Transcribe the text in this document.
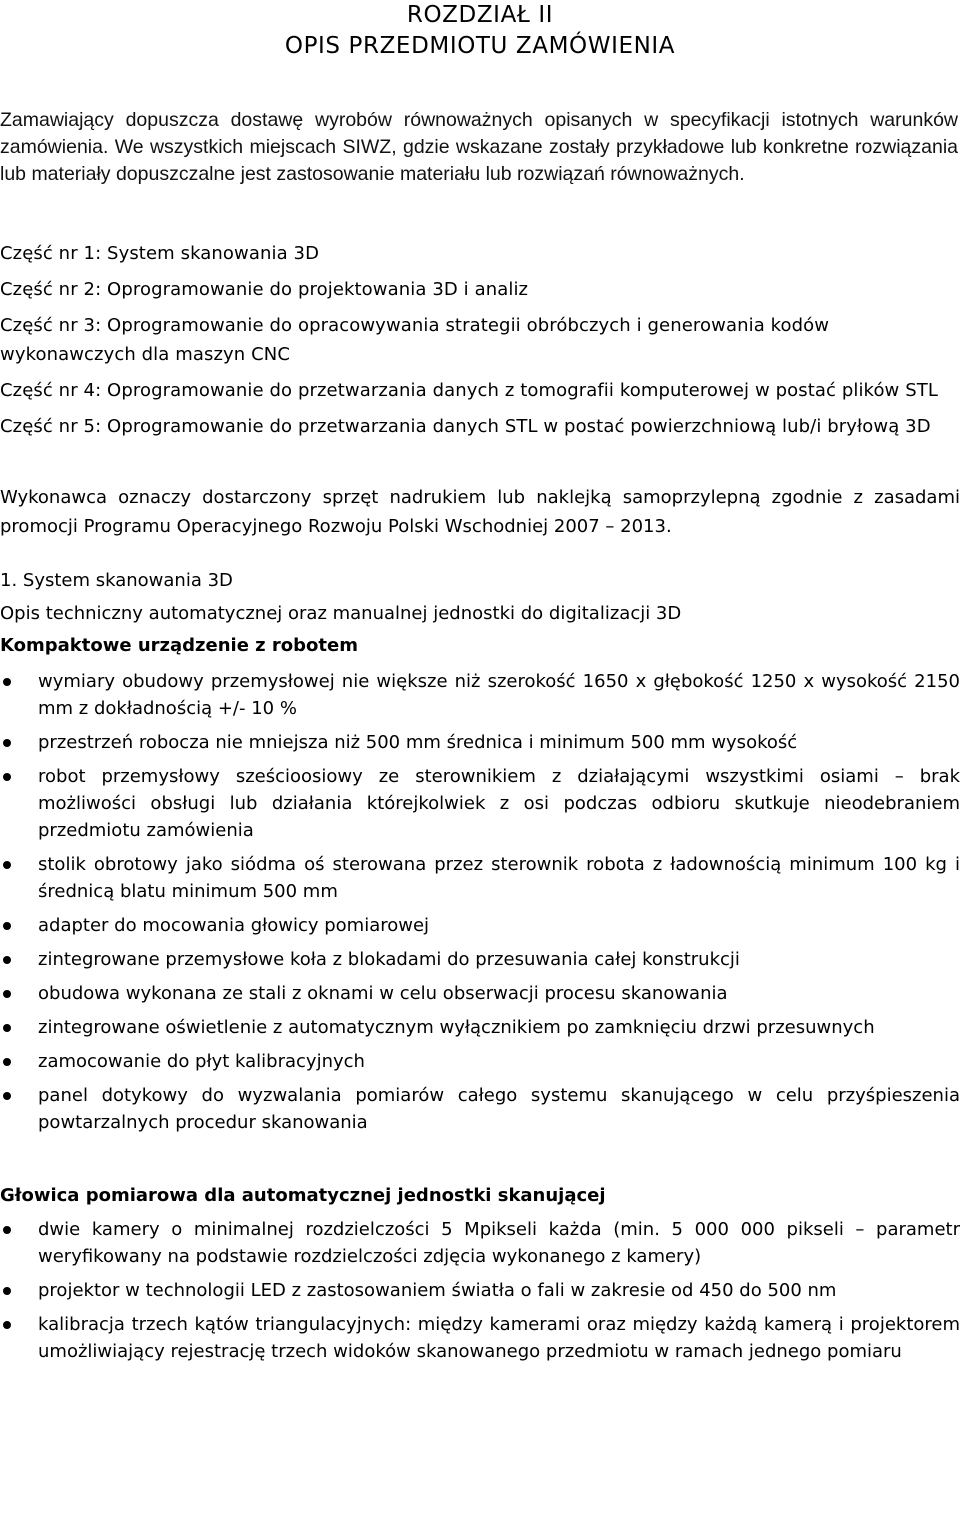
ROZDZIAŁ II
OPIS PRZEDMIOTU ZAMÓWIENIA

Zamawiający dopuszcza dostawę wyrobów równoważnych opisanych w specyfikacji istotnych warunków zamówienia. We wszystkich miejscach SIWZ, gdzie wskazane zostały przykładowe lub konkretne rozwiązania lub materiały dopuszczalne jest zastosowanie materiału lub rozwiązań równoważnych.

Część nr 1: System skanowania 3D

Część nr 2: Oprogramowanie do projektowania 3D i analiz

Część nr 3: Oprogramowanie do opracowywania strategii obróbczych i generowania kodów wykonawczych dla maszyn CNC

Część nr 4: Oprogramowanie do przetwarzania danych z tomografii komputerowej w postać plików STL

Część nr 5: Oprogramowanie do przetwarzania danych STL w postać powierzchniową lub/i bryłową 3D

Wykonawca oznaczy dostarczony sprzęt nadrukiem lub naklejką samoprzylepną zgodnie z zasadami promocji Programu Operacyjnego Rozwoju Polski Wschodniej 2007 – 2013.

1. System skanowania 3D

Opis techniczny automatycznej oraz manualnej jednostki do digitalizacji 3D

Kompaktowe urządzenie z robotem

wymiary obudowy przemysłowej nie większe niż szerokość 1650 x głębokość 1250 x wysokość 2150 mm z dokładnością +/- 10 %
przestrzeń robocza nie mniejsza niż 500 mm średnica i minimum 500 mm wysokość
robot przemysłowy sześcioosiowy ze sterownikiem z działającymi wszystkimi osiami – brak możliwości obsługi lub działania którejkolwiek z osi podczas odbioru skutkuje nieodebraniem przedmiotu zamówienia
stolik obrotowy jako siódma oś sterowana przez sterownik robota z ładownością minimum 100 kg i średnicą blatu minimum 500 mm
adapter do mocowania głowicy pomiarowej
zintegrowane przemysłowe koła z blokadami do przesuwania całej konstrukcji
obudowa wykonana ze stali z oknami w celu obserwacji procesu skanowania
zintegrowane oświetlenie z automatycznym wyłącznikiem po zamknięciu drzwi przesuwnych
zamocowanie do płyt kalibracyjnych
panel dotykowy do wyzwalania pomiarów całego systemu skanującego w celu przyśpieszenia powtarzalnych procedur skanowania

Głowica pomiarowa dla automatycznej jednostki skanującej

dwie kamery o minimalnej rozdzielczości 5 Mpikseli każda (min. 5 000 000 pikseli – parametr weryfikowany na podstawie rozdzielczości zdjęcia wykonanego z kamery)
projektor w technologii LED z zastosowaniem światła o fali w zakresie od 450 do 500 nm
kalibracja trzech kątów triangulacyjnych: między kamerami oraz między każdą kamerą i projektorem umożliwiający rejestrację trzech widoków skanowanego przedmiotu w ramach jednego pomiaru
